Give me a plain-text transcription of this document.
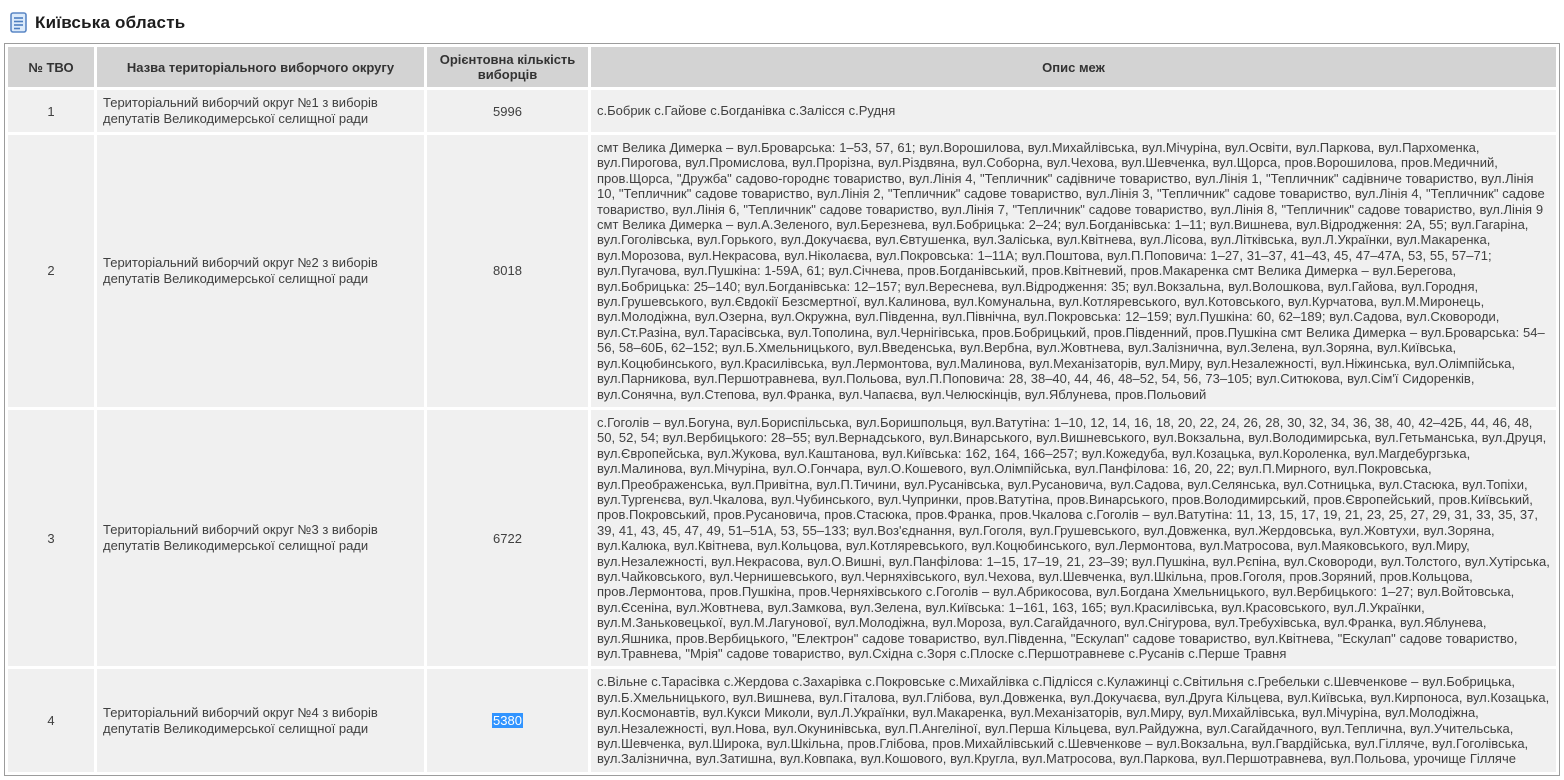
Київська область
№ ТВО	Назва територіального виборчого округу	Орієнтовна кількість виборців	Опис меж
1	Територіальний виборчий округ №1 з виборів депутатів Великодимерської селищної ради	5996	с.Бобрик с.Гайове с.Богданівка с.Залісся с.Рудня
2	Територіальний виборчий округ №2 з виборів депутатів Великодимерської селищної ради	8018	смт Велика Димерка – вул.Броварська: 1–53, 57, 61; вул.Ворошилова, вул.Михайлівська, вул.Мічуріна, вул.Освіти, вул.Паркова, вул.Пархоменка, вул.Пирогова, вул.Промислова, вул.Прорізна, вул.Різдвяна, вул.Соборна, вул.Чехова, вул.Шевченка, вул.Щорса, пров.Ворошилова, пров.Медичний, пров.Щорса, "Дружба" садово-городнє товариство, вул.Лінія 4, "Тепличник" садівниче товариство, вул.Лінія 1, "Тепличник" садівниче товариство, вул.Лінія 10, "Тепличник" садове товариство, вул.Лінія 2, "Тепличник" садове товариство, вул.Лінія 3, "Тепличник" садове товариство, вул.Лінія 4, "Тепличник" садове товариство, вул.Лінія 6, "Тепличник" садове товариство, вул.Лінія 7, "Тепличник" садове товариство, вул.Лінія 8, "Тепличник" садове товариство, вул.Лінія 9 смт Велика Димерка – вул.А.Зеленого, вул.Березнева, вул.Бобрицька: 2–24; вул.Богданівська: 1–11; вул.Вишнева, вул.Відродження: 2А, 55; вул.Гагаріна, вул.Гоголівська, вул.Горького, вул.Докучаєва, вул.Євтушенка, вул.Заліська, вул.Квітнева, вул.Лісова, вул.Літківська, вул.Л.Українки, вул.Макаренка, вул.Морозова, вул.Некрасова, вул.Ніколаєва, вул.Покровська: 1–11А; вул.Поштова, вул.П.Поповича: 1–27, 31–37, 41–43, 45, 47–47А, 53, 55, 57–71; вул.Пугачова, вул.Пушкіна: 1-59А, 61; вул.Січнева, пров.Богданівський, пров.Квітневий, пров.Макаренка смт Велика Димерка – вул.Берегова, вул.Бобрицька: 25–140; вул.Богданівська: 12–157; вул.Вереснева, вул.Відродження: 35; вул.Вокзальна, вул.Волошкова, вул.Гайова, вул.Городня, вул.Грушевського, вул.Євдокії Безсмертної, вул.Калинова, вул.Комунальна, вул.Котляревського, вул.Котовського, вул.Курчатова, вул.М.Миронець, вул.Молодіжна, вул.Озерна, вул.Окружна, вул.Південна, вул.Північна, вул.Покровська: 12–159; вул.Пушкіна: 60, 62–189; вул.Садова, вул.Сковороди, вул.Ст.Разіна, вул.Тарасівська, вул.Тополина, вул.Чернігівська, пров.Бобрицький, пров.Південний, пров.Пушкіна смт Велика Димерка – вул.Броварська: 54–56, 58–60Б, 62–152; вул.Б.Хмельницького, вул.Введенська, вул.Вербна, вул.Жовтнева, вул.Залізнична, вул.Зелена, вул.Зоряна, вул.Київська, вул.Коцюбинського, вул.Красилівська, вул.Лермонтова, вул.Малинова, вул.Механізаторів, вул.Миру, вул.Незалежності, вул.Ніжинська, вул.Олімпійська, вул.Парникова, вул.Першотравнева, вул.Польова, вул.П.Поповича: 28, 38–40, 44, 46, 48–52, 54, 56, 73–105; вул.Ситюкова, вул.Сім'ї Сидоренків, вул.Сонячна, вул.Степова, вул.Франка, вул.Чапаєва, вул.Челюскінців, вул.Яблунева, пров.Польовий
3	Територіальний виборчий округ №3 з виборів депутатів Великодимерської селищної ради	6722	с.Гоголів – вул.Богуна, вул.Бориспільська, вул.Боришпольця, вул.Ватутіна: 1–10, 12, 14, 16, 18, 20, 22, 24, 26, 28, 30, 32, 34, 36, 38, 40, 42–42Б, 44, 46, 48, 50, 52, 54; вул.Вербицького: 28–55; вул.Вернадського, вул.Винарського, вул.Вишневського, вул.Вокзальна, вул.Володимирська, вул.Гетьманська, вул.Друця, вул.Європейська, вул.Жукова, вул.Каштанова, вул.Київська: 162, 164, 166–257; вул.Кожедуба, вул.Козацька, вул.Короленка, вул.Магдебургзька, вул.Малинова, вул.Мічуріна, вул.О.Гончара, вул.О.Кошевого, вул.Олімпійська, вул.Панфілова: 16, 20, 22; вул.П.Мирного, вул.Покровська, вул.Преображенська, вул.Привітна, вул.П.Тичини, вул.Русанівська, вул.Русановича, вул.Садова, вул.Селянська, вул.Сотницька, вул.Стасюка, вул.Топіхи, вул.Тургенєва, вул.Чкалова, вул.Чубинського, вул.Чупринки, пров.Ватутіна, пров.Винарського, пров.Володимирський, пров.Європейський, пров.Київський, пров.Покровський, пров.Русановича, пров.Стасюка, пров.Франка, пров.Чкалова с.Гоголів – вул.Ватутіна: 11, 13, 15, 17, 19, 21, 23, 25, 27, 29, 31, 33, 35, 37, 39, 41, 43, 45, 47, 49, 51–51А, 53, 55–133; вул.Воз'єднання, вул.Гоголя, вул.Грушевського, вул.Довженка, вул.Жердовська, вул.Жовтухи, вул.Зоряна, вул.Калюка, вул.Квітнева, вул.Кольцова, вул.Котляревського, вул.Коцюбинського, вул.Лермонтова, вул.Матросова, вул.Маяковського, вул.Миру, вул.Незалежності, вул.Некрасова, вул.О.Вишні, вул.Панфілова: 1–15, 17–19, 21, 23–39; вул.Пушкіна, вул.Рєпіна, вул.Сковороди, вул.Толстого, вул.Хутірська, вул.Чайковського, вул.Чернишевського, вул.Черняхівського, вул.Чехова, вул.Шевченка, вул.Шкільна, пров.Гоголя, пров.Зоряний, пров.Кольцова, пров.Лермонтова, пров.Пушкіна, пров.Черняхівського с.Гоголів – вул.Абрикосова, вул.Богдана Хмельницького, вул.Вербицького: 1–27; вул.Войтовська, вул.Єсеніна, вул.Жовтнева, вул.Замкова, вул.Зелена, вул.Київська: 1–161, 163, 165; вул.Красилівська, вул.Красовського, вул.Л.Українки, вул.М.Заньковецької, вул.М.Лагунової, вул.Молодіжна, вул.Мороза, вул.Сагайдачного, вул.Снігурова, вул.Требухівська, вул.Франка, вул.Яблунева, вул.Яшника, пров.Вербицького, "Електрон" садове товариство, вул.Південна, "Ескулап" садове товариство, вул.Квітнева, "Ескулап" садове товариство, вул.Травнева, "Мрія" садове товариство, вул.Східна с.Зоря с.Плоске с.Першотравневе с.Русанів с.Перше Травня
4	Територіальний виборчий округ №4 з виборів депутатів Великодимерської селищної ради	5380	с.Вільне с.Тарасівка с.Жердова с.Захарівка с.Покровське с.Михайлівка с.Підлісся с.Кулажинці с.Світильня с.Гребельки с.Шевченкове – вул.Бобрицька, вул.Б.Хмельницького, вул.Вишнева, вул.Гіталова, вул.Глібова, вул.Довженка, вул.Докучаєва, вул.Друга Кільцева, вул.Київська, вул.Кирпоноса, вул.Козацька, вул.Космонавтів, вул.Кукси Миколи, вул.Л.Українки, вул.Макаренка, вул.Механізаторів, вул.Миру, вул.Михайлівська, вул.Мічуріна, вул.Молодіжна, вул.Незалежності, вул.Нова, вул.Окунинівська, вул.П.Ангеліної, вул.Перша Кільцева, вул.Райдужна, вул.Сагайдачного, вул.Теплична, вул.Учительська, вул.Шевченка, вул.Широка, вул.Шкільна, пров.Глібова, пров.Михайлівський с.Шевченкове – вул.Вокзальна, вул.Гвардійська, вул.Гілляче, вул.Гоголівська, вул.Залізнична, вул.Затишна, вул.Ковпака, вул.Кошового, вул.Кругла, вул.Матросова, вул.Паркова, вул.Першотравнева, вул.Польова, урочище Гілляче
